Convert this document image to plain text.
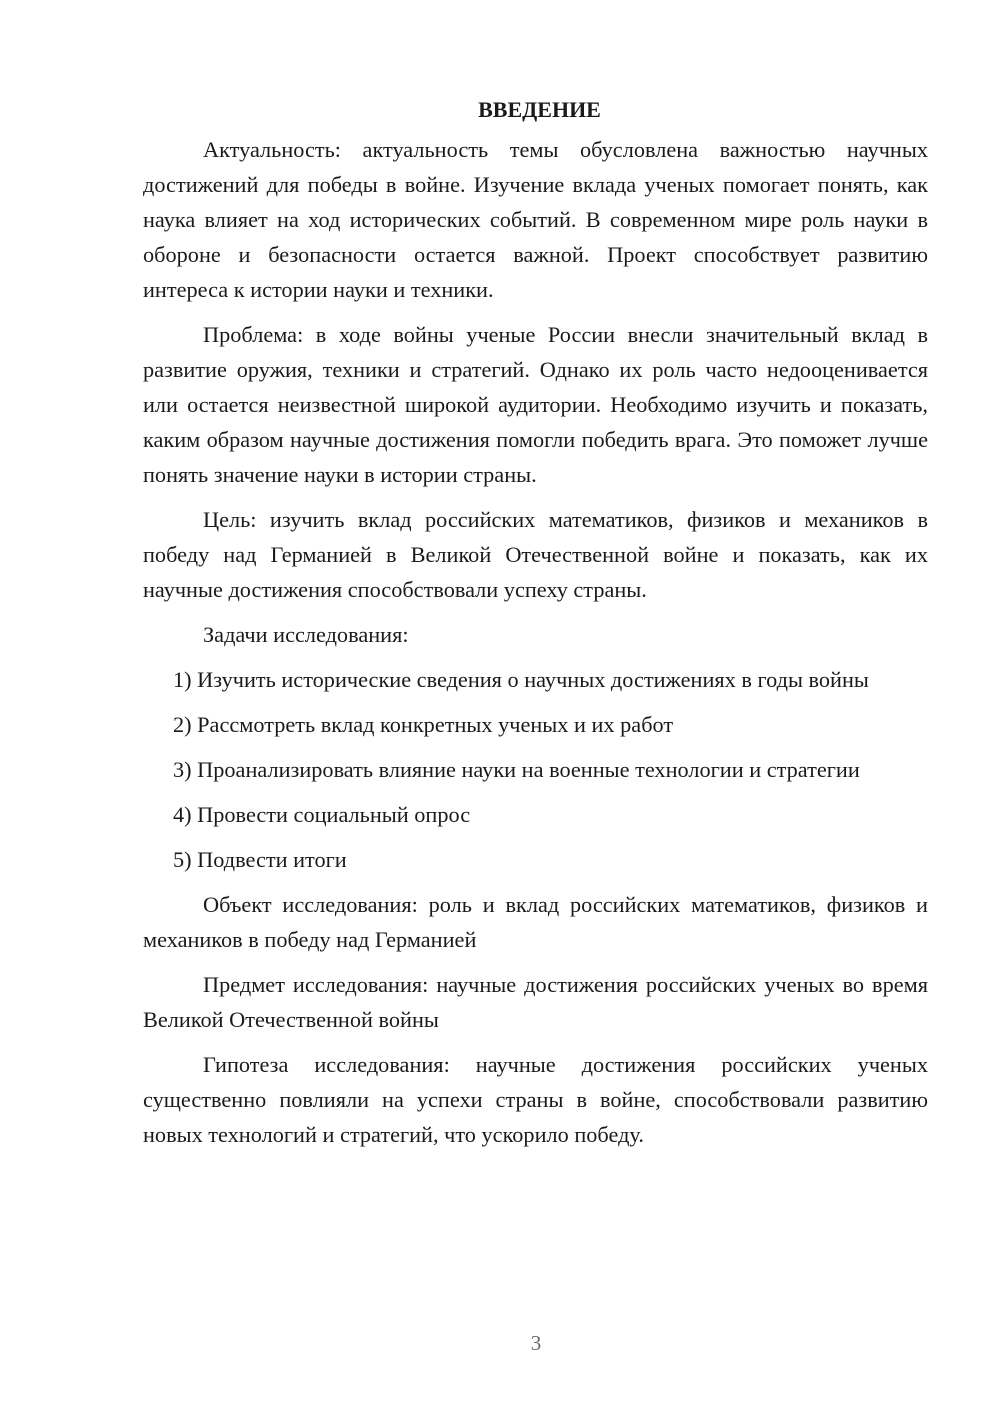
ВВЕДЕНИЕ

Актуальность: актуальность темы обусловлена важностью научных достижений для победы в войне. Изучение вклада ученых помогает понять, как наука влияет на ход исторических событий. В современном мире роль науки в обороне и безопасности остается важной. Проект способствует развитию интереса к истории науки и техники.

Проблема: в ходе войны ученые России внесли значительный вклад в развитие оружия, техники и стратегий. Однако их роль часто недооценивается или остается неизвестной широкой аудитории. Необходимо изучить и показать, каким образом научные достижения помогли победить врага. Это поможет лучше понять значение науки в истории страны.

Цель: изучить вклад российских математиков, физиков и механиков в победу над Германией в Великой Отечественной войне и показать, как их научные достижения способствовали успеху страны.

Задачи исследования:

1) Изучить исторические сведения о научных достижениях в годы войны

2) Рассмотреть вклад конкретных ученых и их работ

3) Проанализировать влияние науки на военные технологии и стратегии

4) Провести социальный опрос

5) Подвести итоги

Объект исследования: роль и вклад российских математиков, физиков и механиков в победу над Германией

Предмет исследования: научные достижения российских ученых во время Великой Отечественной войны

Гипотеза исследования: научные достижения российских ученых существенно повлияли на успехи страны в войне, способствовали развитию новых технологий и стратегий, что ускорило победу.

3
